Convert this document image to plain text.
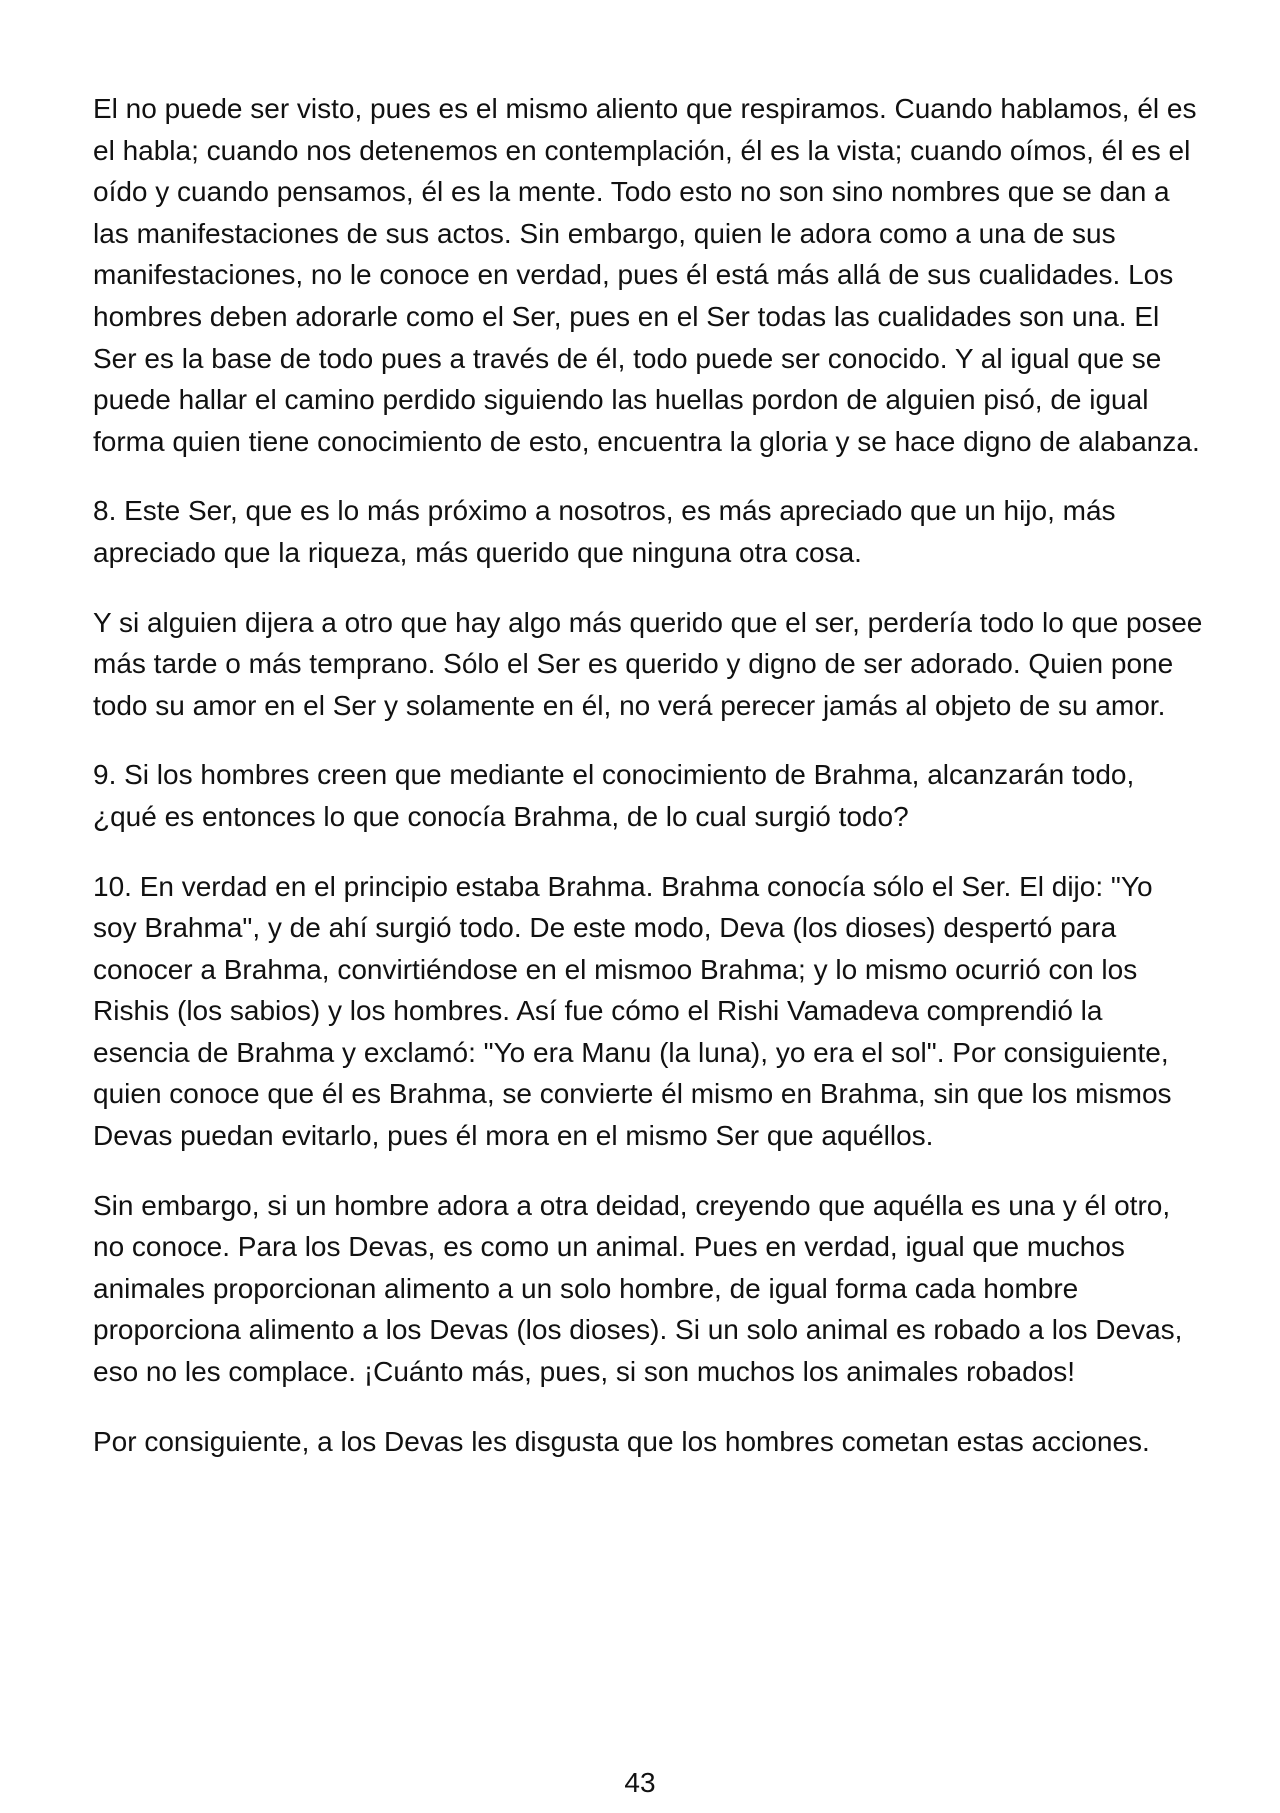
El no puede ser visto, pues es el mismo aliento que respiramos. Cuando hablamos, él es el habla; cuando nos detenemos en contemplación, él es la vista; cuando oímos, él es el oído y cuando pensamos, él es la mente. Todo esto no son sino nombres que se dan a las manifestaciones de sus actos. Sin embargo, quien le adora como a una de sus manifestaciones, no le conoce en verdad, pues él está más allá de sus cualidades. Los hombres deben adorarle como el Ser, pues en el Ser todas las cualidades son una. El Ser es la base de todo pues a través de él, todo puede ser conocido. Y al igual que se puede hallar el camino perdido siguiendo las huellas pordon de alguien pisó, de igual forma quien tiene conocimiento de esto, encuentra la gloria y se hace digno de alabanza.

8. Este Ser, que es lo más próximo a nosotros, es más apreciado que un hijo, más apreciado que la riqueza, más querido que ninguna otra cosa.

Y si alguien dijera a otro que hay algo más querido que el ser, perdería todo lo que posee más tarde o más temprano. Sólo el Ser es querido y digno de ser adorado. Quien pone todo su amor en el Ser y solamente en él, no verá perecer jamás al objeto de su amor.

9. Si los hombres creen que mediante el conocimiento de Brahma, alcanzarán todo, ¿qué es entonces lo que conocía Brahma, de lo cual surgió todo?

10. En verdad en el principio estaba Brahma. Brahma conocía sólo el Ser. El dijo: "Yo soy Brahma", y de ahí surgió todo. De este modo, Deva (los dioses) despertó para conocer a Brahma, convirtiéndose en el mismoo Brahma; y lo mismo ocurrió con los Rishis (los sabios) y los hombres. Así fue cómo el Rishi Vamadeva comprendió la esencia de Brahma y exclamó: "Yo era Manu (la luna), yo era el sol". Por consiguiente, quien conoce que él es Brahma, se convierte él mismo en Brahma, sin que los mismos Devas puedan evitarlo, pues él mora en el mismo Ser que aquéllos.

Sin embargo, si un hombre adora a otra deidad, creyendo que aquélla es una y él otro, no conoce. Para los Devas, es como un animal. Pues en verdad, igual que muchos animales proporcionan alimento a un solo hombre, de igual forma cada hombre proporciona alimento a los Devas (los dioses). Si un solo animal es robado a los Devas, eso no les complace. ¡Cuánto más, pues, si son muchos los animales robados!

Por consiguiente, a los Devas les disgusta que los hombres cometan estas acciones.

43
